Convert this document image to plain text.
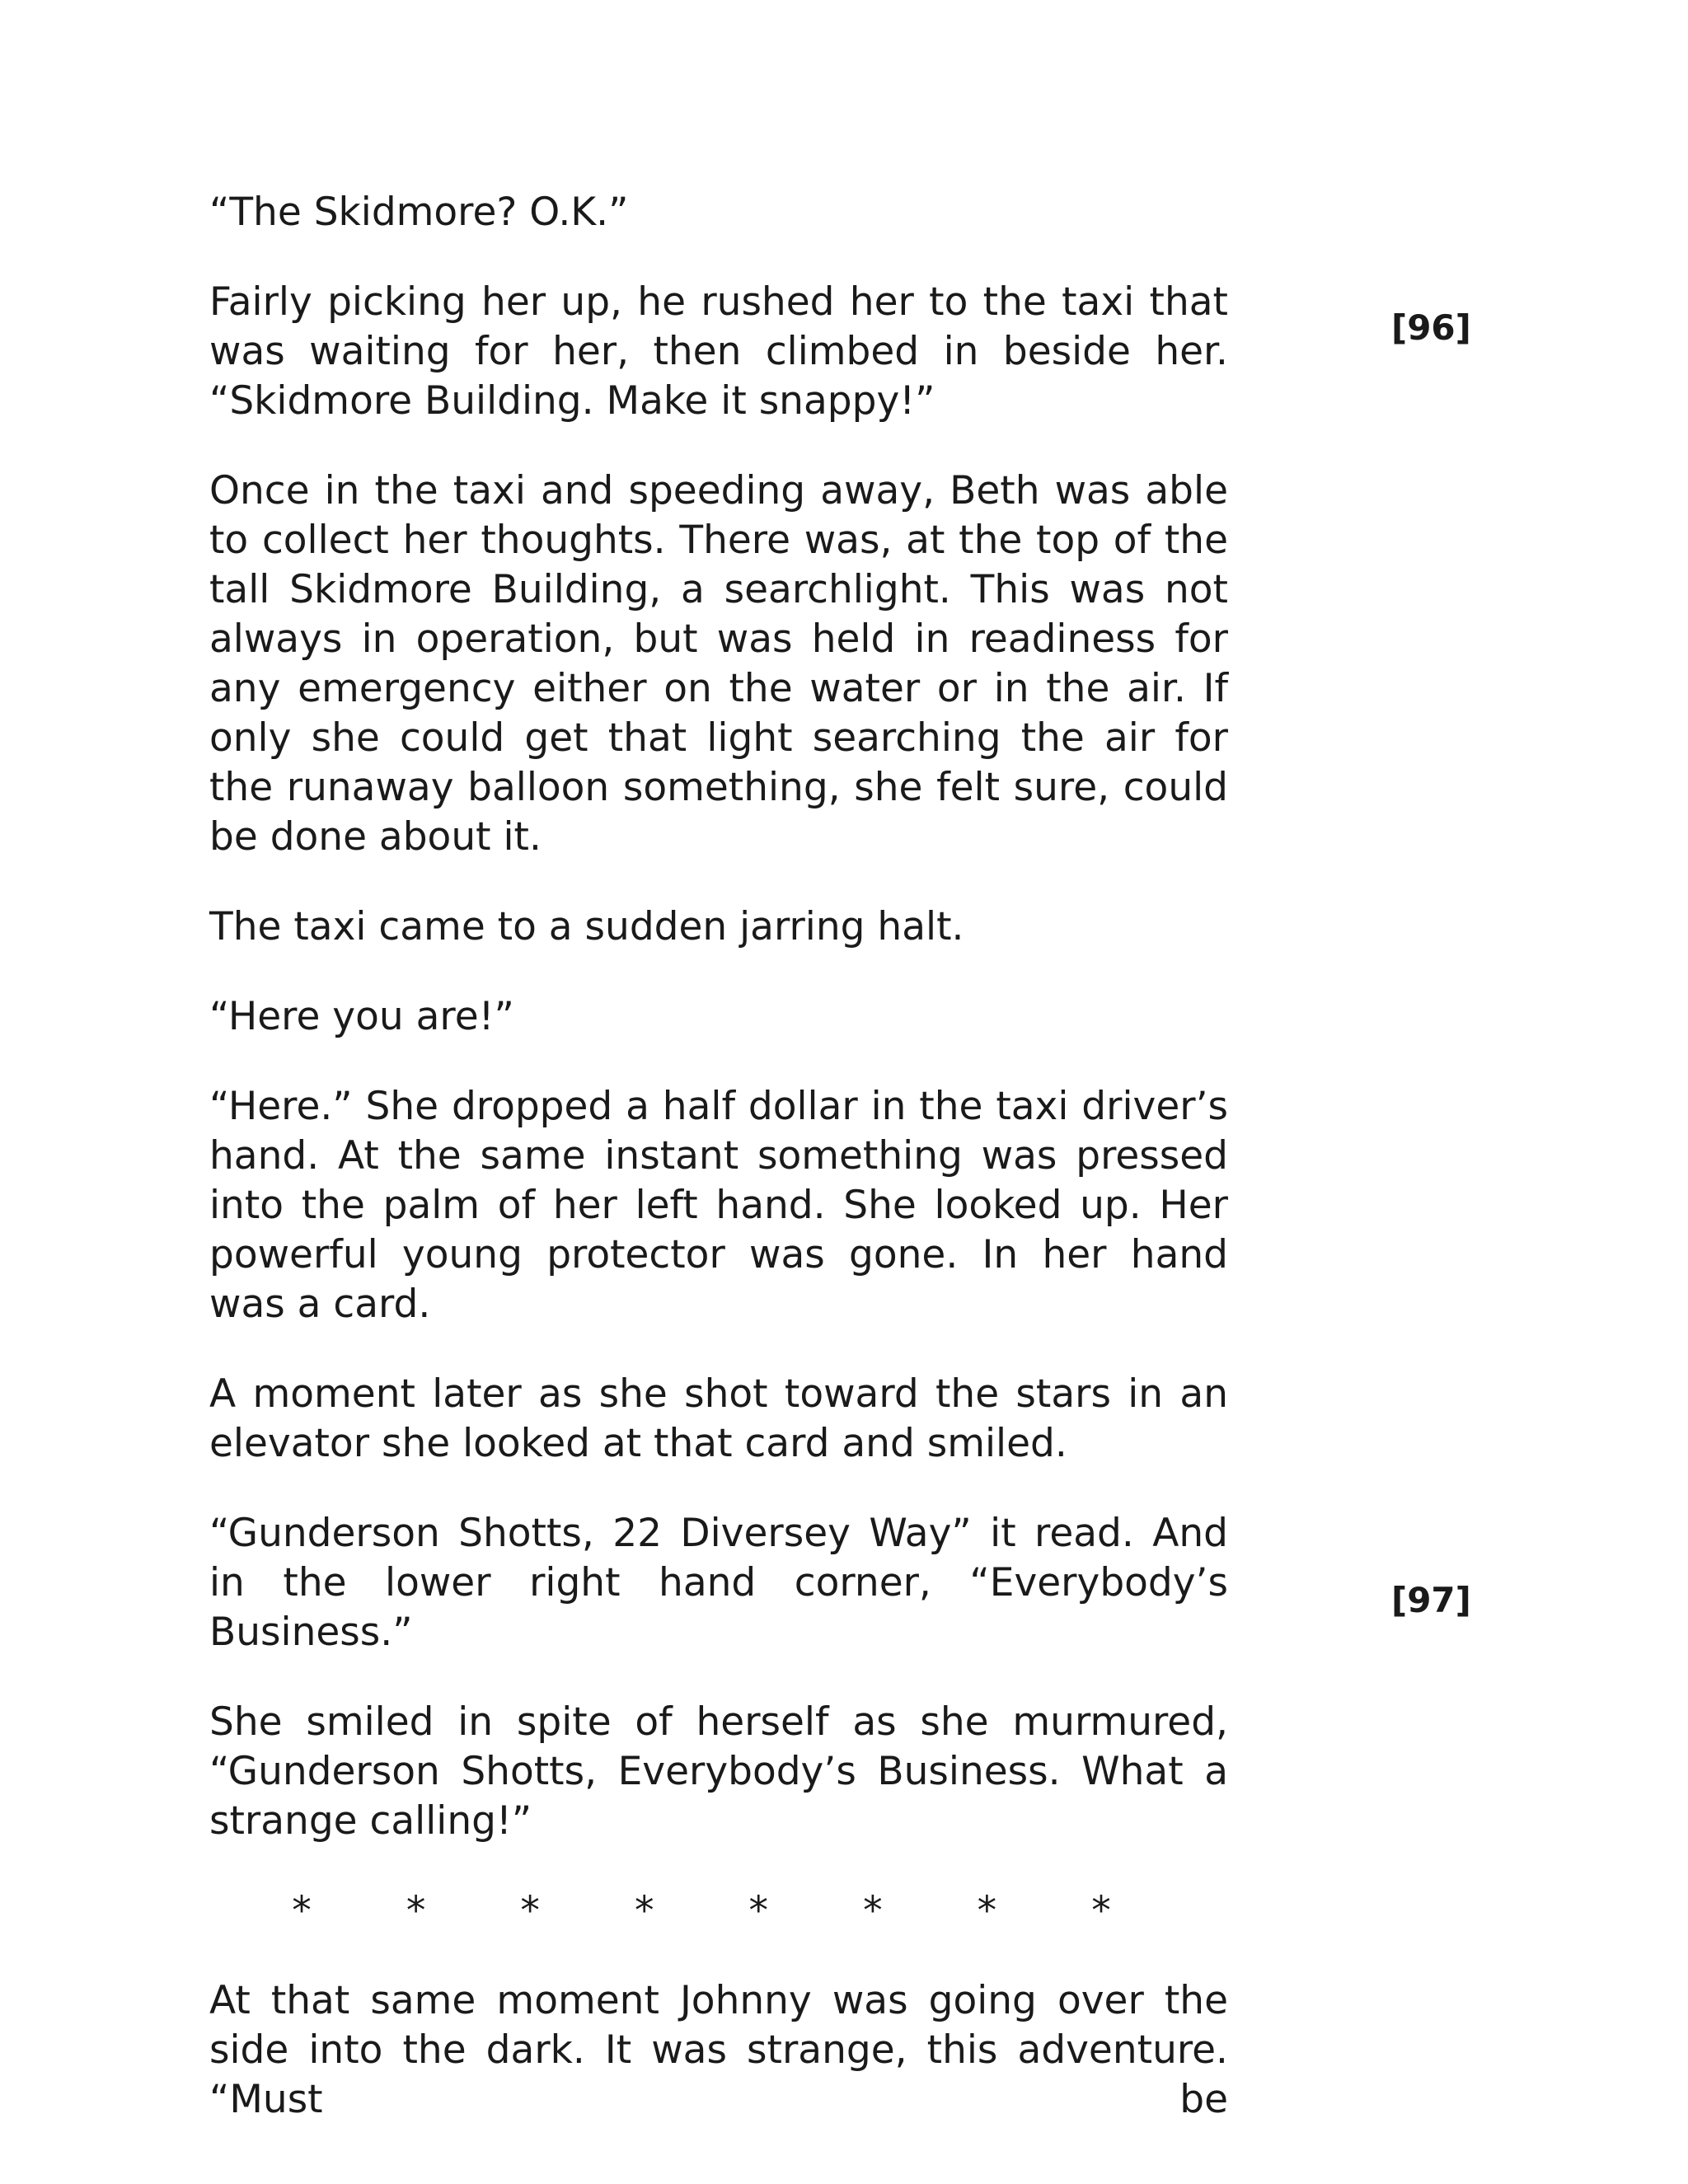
“The Skidmore? O.K.”

Fairly picking her up, he rushed her to the taxi that was waiting for her, then climbed in beside her. “Skidmore Building. Make it snappy!”

Once in the taxi and speeding away, Beth was able to collect her thoughts. There was, at the top of the tall Skidmore Building, a searchlight. This was not always in operation, but was held in readiness for any emergency either on the water or in the air. If only she could get that light searching the air for the runaway balloon something, she felt sure, could be done about it.

The taxi came to a sudden jarring halt.

“Here you are!”

“Here.” She dropped a half dollar in the taxi driver’s hand. At the same instant something was pressed into the palm of her left hand. She looked up. Her powerful young protector was gone. In her hand was a card.

A moment later as she shot toward the stars in an elevator she looked at that card and smiled.

“Gunderson Shotts, 22 Diversey Way” it read. And in the lower right hand corner, “Everybody’s Business.”

She smiled in spite of herself as she murmured, “Gunderson Shotts, Everybody’s Business. What a strange calling!”

* * * * * * * *

At that same moment Johnny was going over the side into the dark. It was strange, this adventure. “Must be

[96]
[97]
